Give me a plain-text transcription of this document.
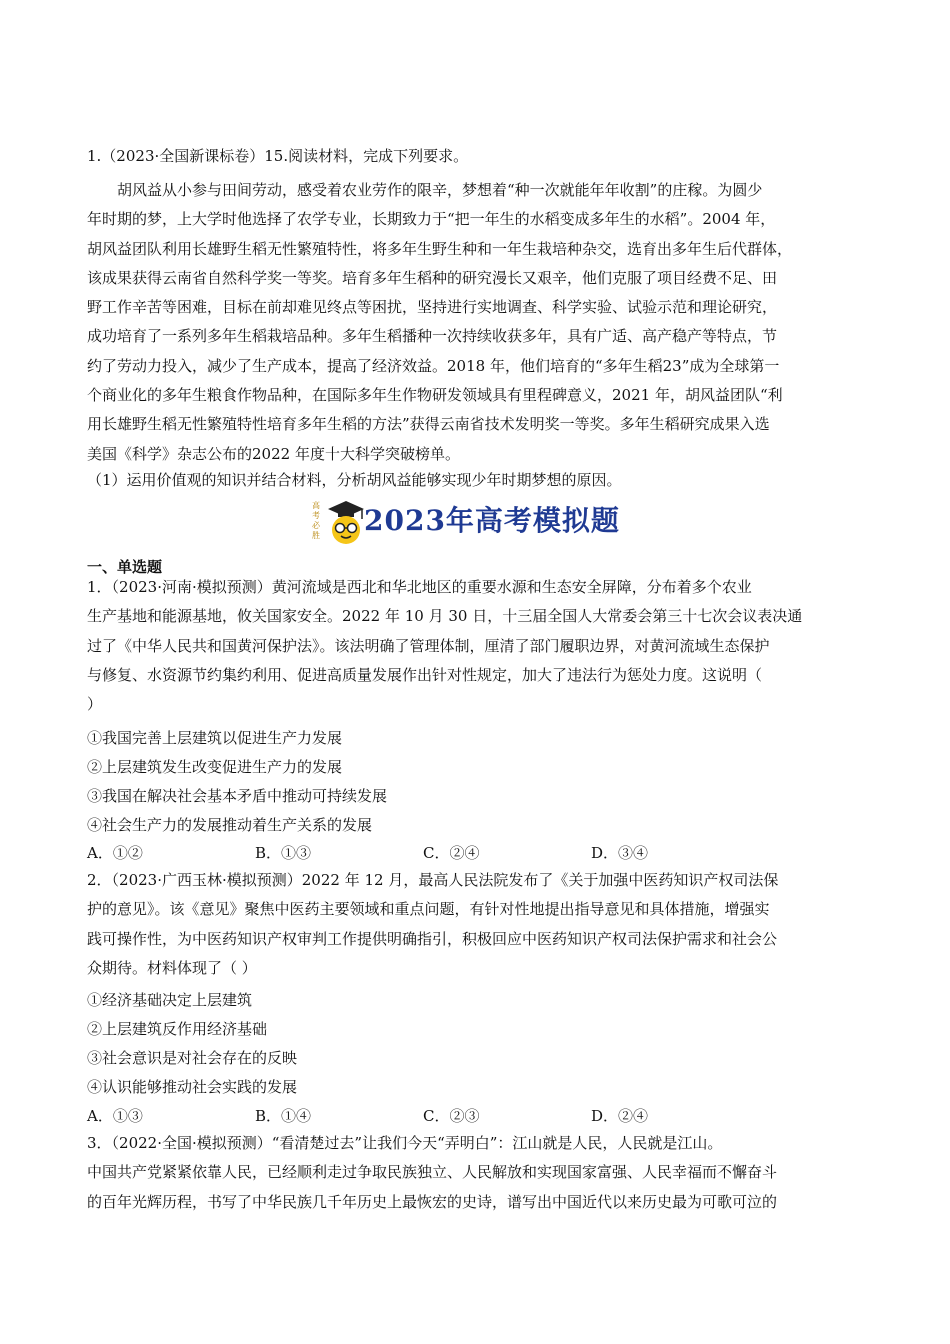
1.（2023·全国新课标卷）15.阅读材料，完成下列要求。

胡风益从小参与田间劳动，感受着农业劳作的限辛，梦想着“种一次就能年年收割”的庄稼。为圆少

年时期的梦，上大学时他选择了农学专业，长期致力于“把一年生的水稻变成多年生的水稻”。2004 年，

胡风益团队利用长雄野生稻无性繁殖特性，将多年生野生种和一年生栽培种杂交，选育出多年生后代群体，

该成果获得云南省自然科学奖一等奖。培育多年生稻种的研究漫长又艰辛，他们克服了项目经费不足、田

野工作辛苦等困难，目标在前却难见终点等困扰，坚持进行实地调查、科学实验、试验示范和理论研究，

成功培育了一系列多年生稻栽培品种。多年生稻播种一次持续收获多年，具有广适、高产稳产等特点，节

约了劳动力投入，减少了生产成本，提高了经济效益。2018 年，他们培育的“多年生稻23”成为全球第一

个商业化的多年生粮食作物品种，在国际多年生作物研发领域具有里程碑意义，2021 年，胡风益团队“利

用长雄野生稻无性繁殖特性培育多年生稻的方法”获得云南省技术发明奖一等奖。多年生稻研究成果入选

美国《科学》杂志公布的2022 年度十大科学突破榜单。

（1）运用价值观的知识并结合材料，分析胡风益能够实现少年时期梦想的原因。
高考必胜 2023年高考模拟题
一、单选题

1．（2023·河南·模拟预测）黄河流域是西北和华北地区的重要水源和生态安全屏障，分布着多个农业

生产基地和能源基地，攸关国家安全。2022 年 10 月 30 日，十三届全国人大常委会第三十七次会议表决通

过了《中华人民共和国黄河保护法》。该法明确了管理体制，厘清了部门履职边界，对黄河流域生态保护

与修复、水资源节约集约利用、促进高质量发展作出针对性规定，加大了违法行为惩处力度。这说明（

）

①我国完善上层建筑以促进生产力发展
②上层建筑发生改变促进生产力的发展
③我国在解决社会基本矛盾中推动可持续发展
④社会生产力的发展推动着生产关系的发展
A．①②	B．①③	C．②④	D．③④

2．（2023·广西玉林·模拟预测）2022 年 12 月，最高人民法院发布了《关于加强中医药知识产权司法保

护的意见》。该《意见》聚焦中医药主要领域和重点问题，有针对性地提出指导意见和具体措施，增强实

践可操作性，为中医药知识产权审判工作提供明确指引，积极回应中医药知识产权司法保护需求和社会公

众期待。材料体现了（ ）

①经济基础决定上层建筑
②上层建筑反作用经济基础
③社会意识是对社会存在的反映
④认识能够推动社会实践的发展
A．①③	B．①④	C．②③	D．②④

3．（2022·全国·模拟预测）“看清楚过去”让我们今天“弄明白”：江山就是人民，人民就是江山。

中国共产党紧紧依靠人民，已经顺利走过争取民族独立、人民解放和实现国家富强、人民幸福而不懈奋斗

的百年光辉历程，书写了中华民族几千年历史上最恢宏的史诗，谱写出中国近代以来历史最为可歌可泣的
